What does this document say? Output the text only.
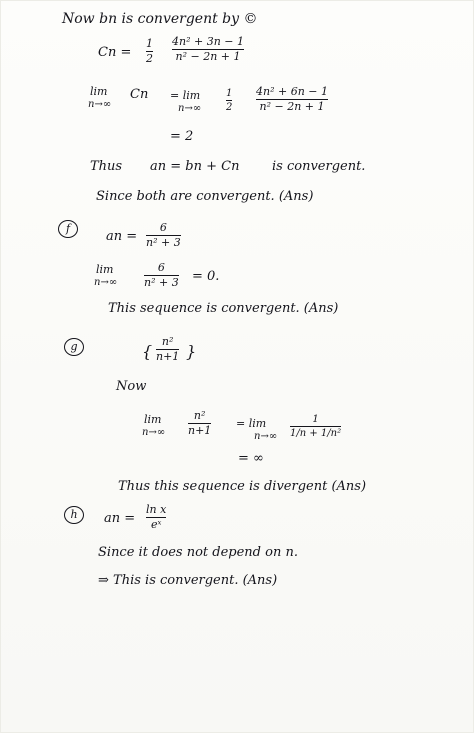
Now bn is convergent by ©
Cn =
1
2
4n² + 3n − 1
n² − 2n + 1
lim
n→∞
Cn = lim
n→∞
1
2
4n² + 6n − 1
n² − 2n + 1
= 2
Thus an = bn + Cn	is convergent.
Since both are convergent. (Ans)
f
an =
6
n² + 3
lim
n→∞
6
n² + 3 = 0.
This sequence is convergent. (Ans)
g	{
n²
n+1 }
Now
lim
n→∞
n²
n+1
= lim
n→∞
1
1/n + 1/n²
= ∞
Thus this sequence is divergent (Ans)
h	an =
ln x
eˣ
Since it does not depend on n.
⇒ This is convergent. (Ans)
